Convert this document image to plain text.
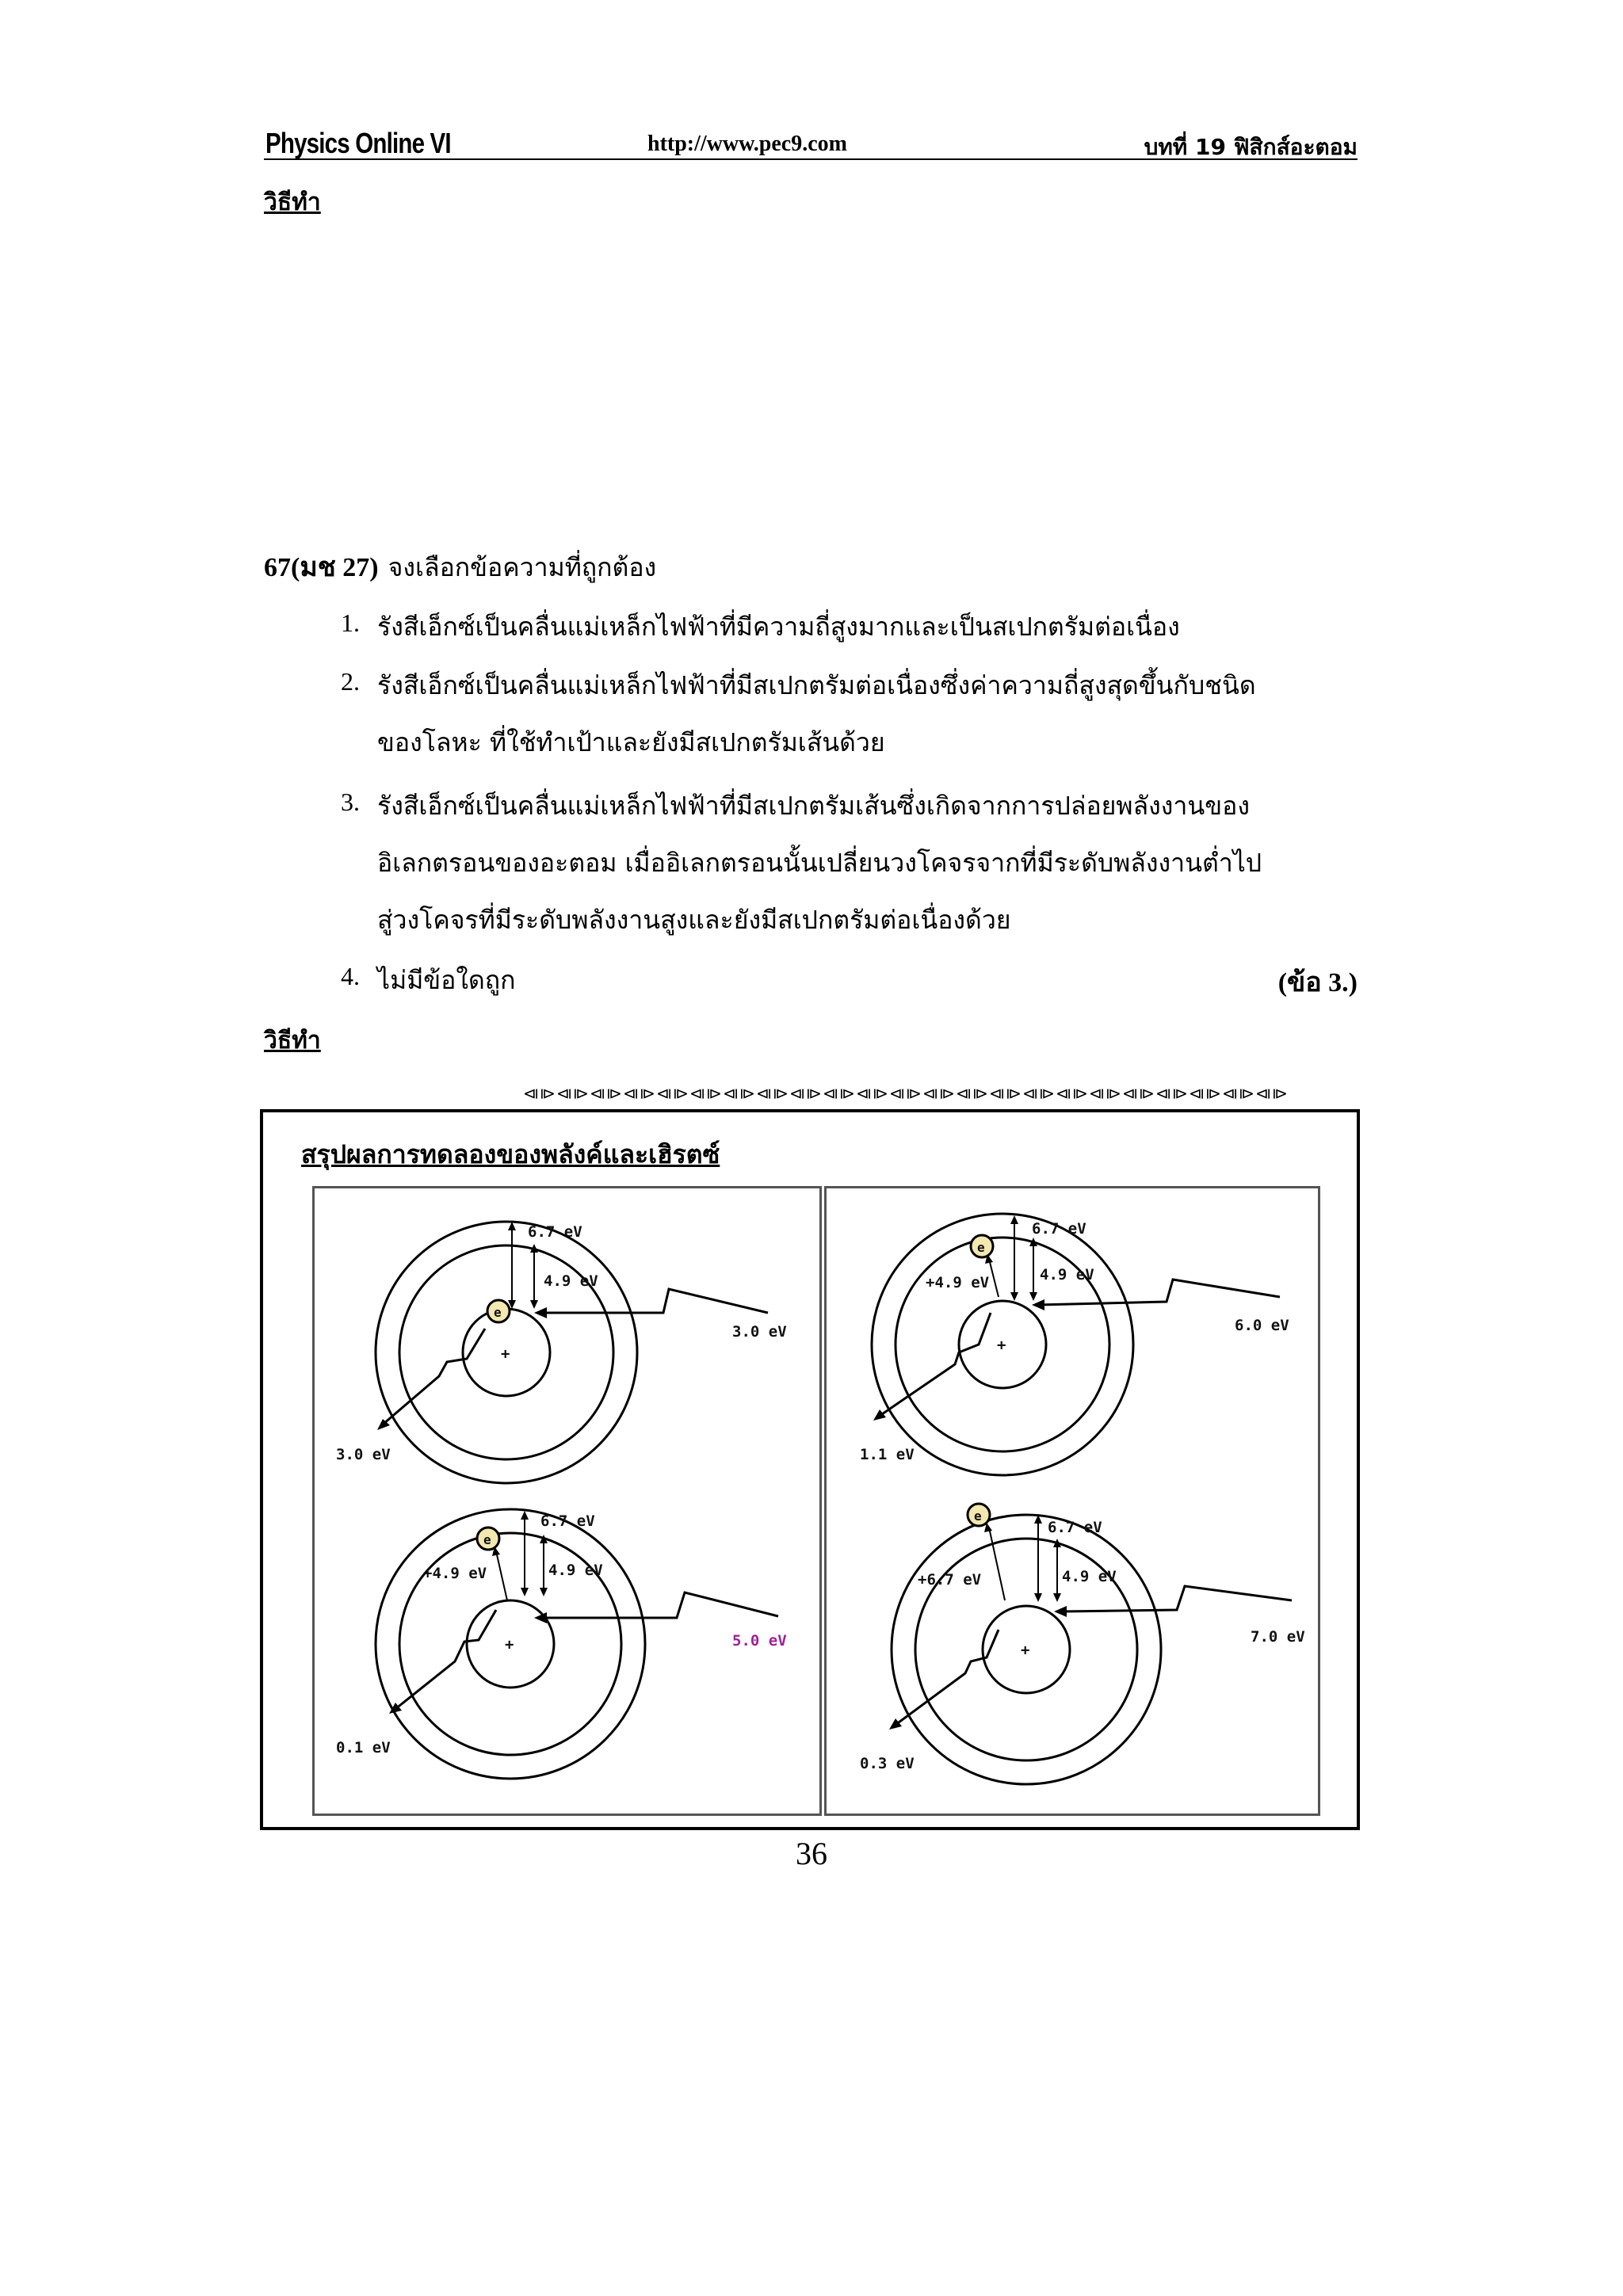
Physics Online VI	http://www.pec9.com	บทที่ 19 ฟิสิกส์อะตอม
วิธีทำ
67(มช 27) จงเลือกข้อความที่ถูกต้อง
1. รังสีเอ็กซ์เป็นคลื่นแม่เหล็กไฟฟ้าที่มีความถี่สูงมากและเป็นสเปกตรัมต่อเนื่อง
2. รังสีเอ็กซ์เป็นคลื่นแม่เหล็กไฟฟ้าที่มีสเปกตรัมต่อเนื่องซึ่งค่าความถี่สูงสุดขึ้นกับชนิด
ของโลหะ ที่ใช้ทำเป้าและยังมีสเปกตรัมเส้นด้วย
3. รังสีเอ็กซ์เป็นคลื่นแม่เหล็กไฟฟ้าที่มีสเปกตรัมเส้นซึ่งเกิดจากการปล่อยพลังงานของ
อิเลกตรอนของอะตอม เมื่ออิเลกตรอนนั้นเปลี่ยนวงโคจรจากที่มีระดับพลังงานต่ำไป
สู่วงโคจรที่มีระดับพลังงานสูงและยังมีสเปกตรัมต่อเนื่องด้วย
4. ไม่มีข้อใดถูก	(ข้อ 3.)
วิธีทำ
⧏⧐⧏⧐⧏⧐⧏⧐⧏⧐⧏⧐⧏⧐⧏⧐⧏⧐⧏⧐⧏⧐⧏⧐⧏⧐⧏⧐⧏⧐⧏⧐⧏⧐⧏⧐⧏⧐⧏⧐⧏⧐⧏⧐⧏⧐
สรุปผลการทดลองของพลังค์และเฮิรตซ์
+
6.7 eV
4.9 eV
3.0 eV
e
3.0 eV
+
6.7 eV
4.9 eV
6.0 eV
e
+4.9 eV
1.1 eV
+
6.7 eV
4.9 eV
5.0 eV
e
+4.9 eV
0.1 eV
+
6.7 eV
4.9 eV
7.0 eV
e
+6.7 eV
0.3 eV
36
